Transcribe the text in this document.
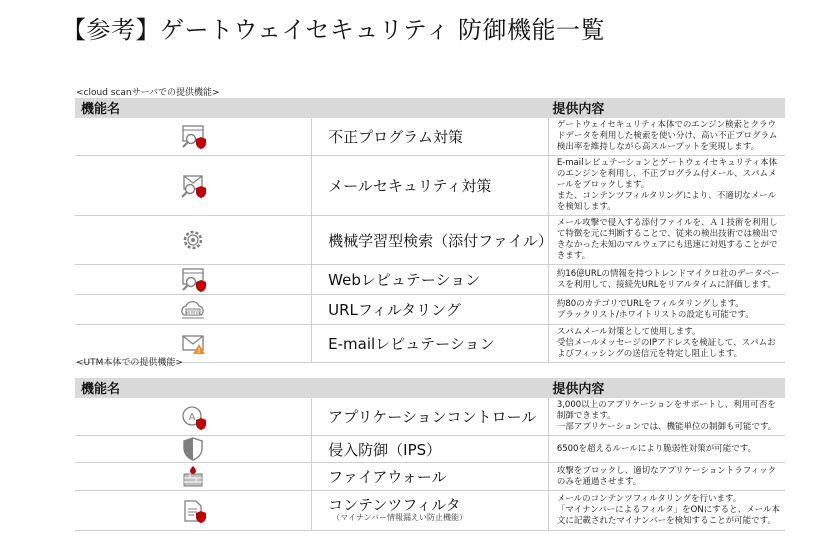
【参考】ゲートウェイセキュリティ 防御機能一覧
<cloud scanサーバでの提供機能>
機能名		提供内容

	不正プログラム対策	ゲートウェイセキュリティ本体でのエンジン検索とクラウドデータを利用した検索を使い分け、高い不正プログラム検出率を維持しながら高スループットを実現します。

	メールセキュリティ対策	E-mailレピュテーションとゲートウェイセキュリティ本体のエンジンを利用し、不正プログラム付メール、スパムメールをブロックします。
また、コンテンツフィルタリングにより、不適切なメールを検知します。

	機械学習型検索（添付ファイル）	メール攻撃で侵入する添付ファイルを、ＡＩ技術を利用して特徴を元に判断することで、従来の検出技術では検出できなかった未知のマルウェアにも迅速に対処することができます。

	Webレピュテーション	約16億URLの情報を持つトレンドマイクロ社のデータベースを利用して、接続先URLをリアルタイムに評価します。

WWW	URLフィルタリング	約80のカテゴリでURLをフィルタリングします。
ブラックリスト/ホワイトリストの設定も可能です。

!	E-mailレピュテーション	スパムメール対策として使用します。
受信メールメッセージのIPアドレスを検証して、スパムおよびフィッシングの送信元を特定し阻止します。
<UTM本体での提供機能>
機能名		提供内容

A	アプリケーションコントロール	3,000以上のアプリケーションをサポートし、利用可否を制御できます。
一部アプリケーションでは、機能単位の制御も可能です。

	侵入防御（IPS）	6500を超えるルールにより脆弱性対策が可能です。

	ファイアウォール	攻撃をブロックし、適切なアプリケーショントラフィックのみを通過させます。

	コンテンツフィルタ
（マイナンバー情報漏えい防止機能）	メールのコンテンツフィルタリングを行います。
「マイナンバーによるフィルタ」をONにすると、メール本文に記載されたマイナンバーを検知することが可能です。
